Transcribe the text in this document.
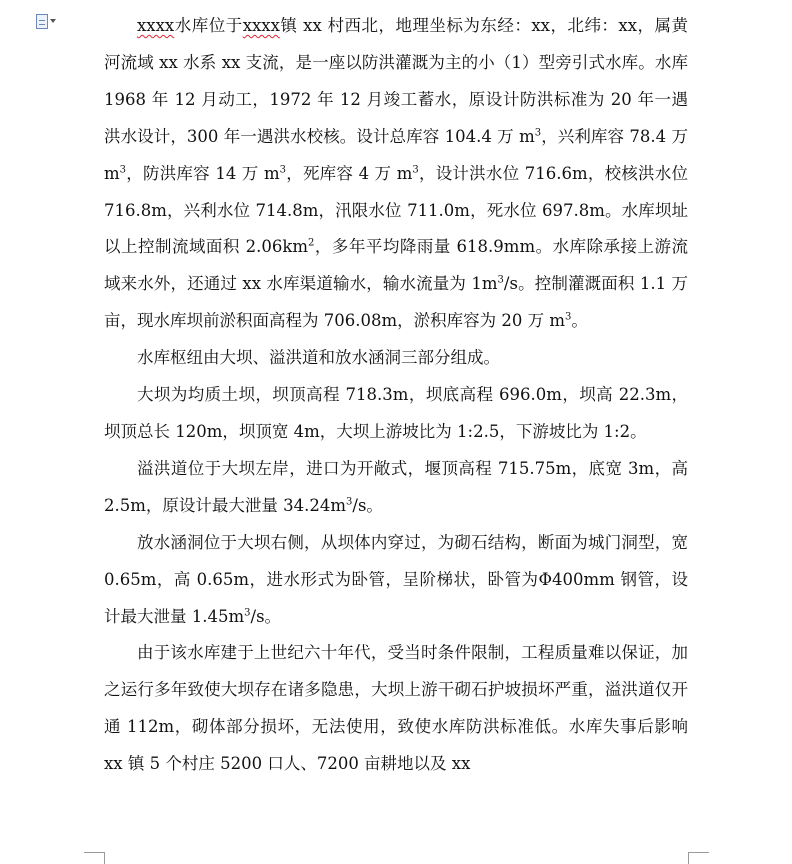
xxxx水库位于xxxx镇 xx 村西北，地理坐标为东经：xx，北纬：xx，属黄河流域 xx 水系 xx 支流，是一座以防洪灌溉为主的小（1）型旁引式水库。水库 1968 年 12 月动工，1972 年 12 月竣工蓄水，原设计防洪标准为 20 年一遇洪水设计，300 年一遇洪水校核。设计总库容 104.4 万 $m^3$，兴利库容 78.4 万 $m^3$，防洪库容 14 万 $m^3$，死库容 4 万 $m^3$，设计洪水位 716.6m，校核洪水位 716.8m，兴利水位 714.8m，汛限水位 711.0m，死水位 697.8m。水库坝址以上控制流域面积 $2.06km^2$，多年平均降雨量 618.9mm。水库除承接上游流域来水外，还通过 xx 水库渠道输水，输水流量为 $1m^3/s$。控制灌溉面积 1.1 万亩，现水库坝前淤积面高程为 706.08m，淤积库容为 20 万 $m^3$。

水库枢纽由大坝、溢洪道和放水涵洞三部分组成。

大坝为均质土坝，坝顶高程 718.3m，坝底高程 696.0m，坝高 22.3m，坝顶总长 120m，坝顶宽 4m，大坝上游坡比为 1:2.5，下游坡比为 1:2。

溢洪道位于大坝左岸，进口为开敞式，堰顶高程 715.75m，底宽 3m，高 2.5m，原设计最大泄量 $34.24m^3/s$。

放水涵洞位于大坝右侧，从坝体内穿过，为砌石结构，断面为城门洞型，宽 0.65m，高 0.65m，进水形式为卧管，呈阶梯状，卧管为Φ400mm 钢管，设计最大泄量 $1.45m^3/s$。

由于该水库建于上世纪六十年代，受当时条件限制，工程质量难以保证，加之运行多年致使大坝存在诸多隐患，大坝上游干砌石护坡损坏严重，溢洪道仅开通 112m，砌体部分损坏，无法使用，致使水库防洪标准低。水库失事后影响 xx 镇 5 个村庄 5200 口人、7200 亩耕地以及 xx
